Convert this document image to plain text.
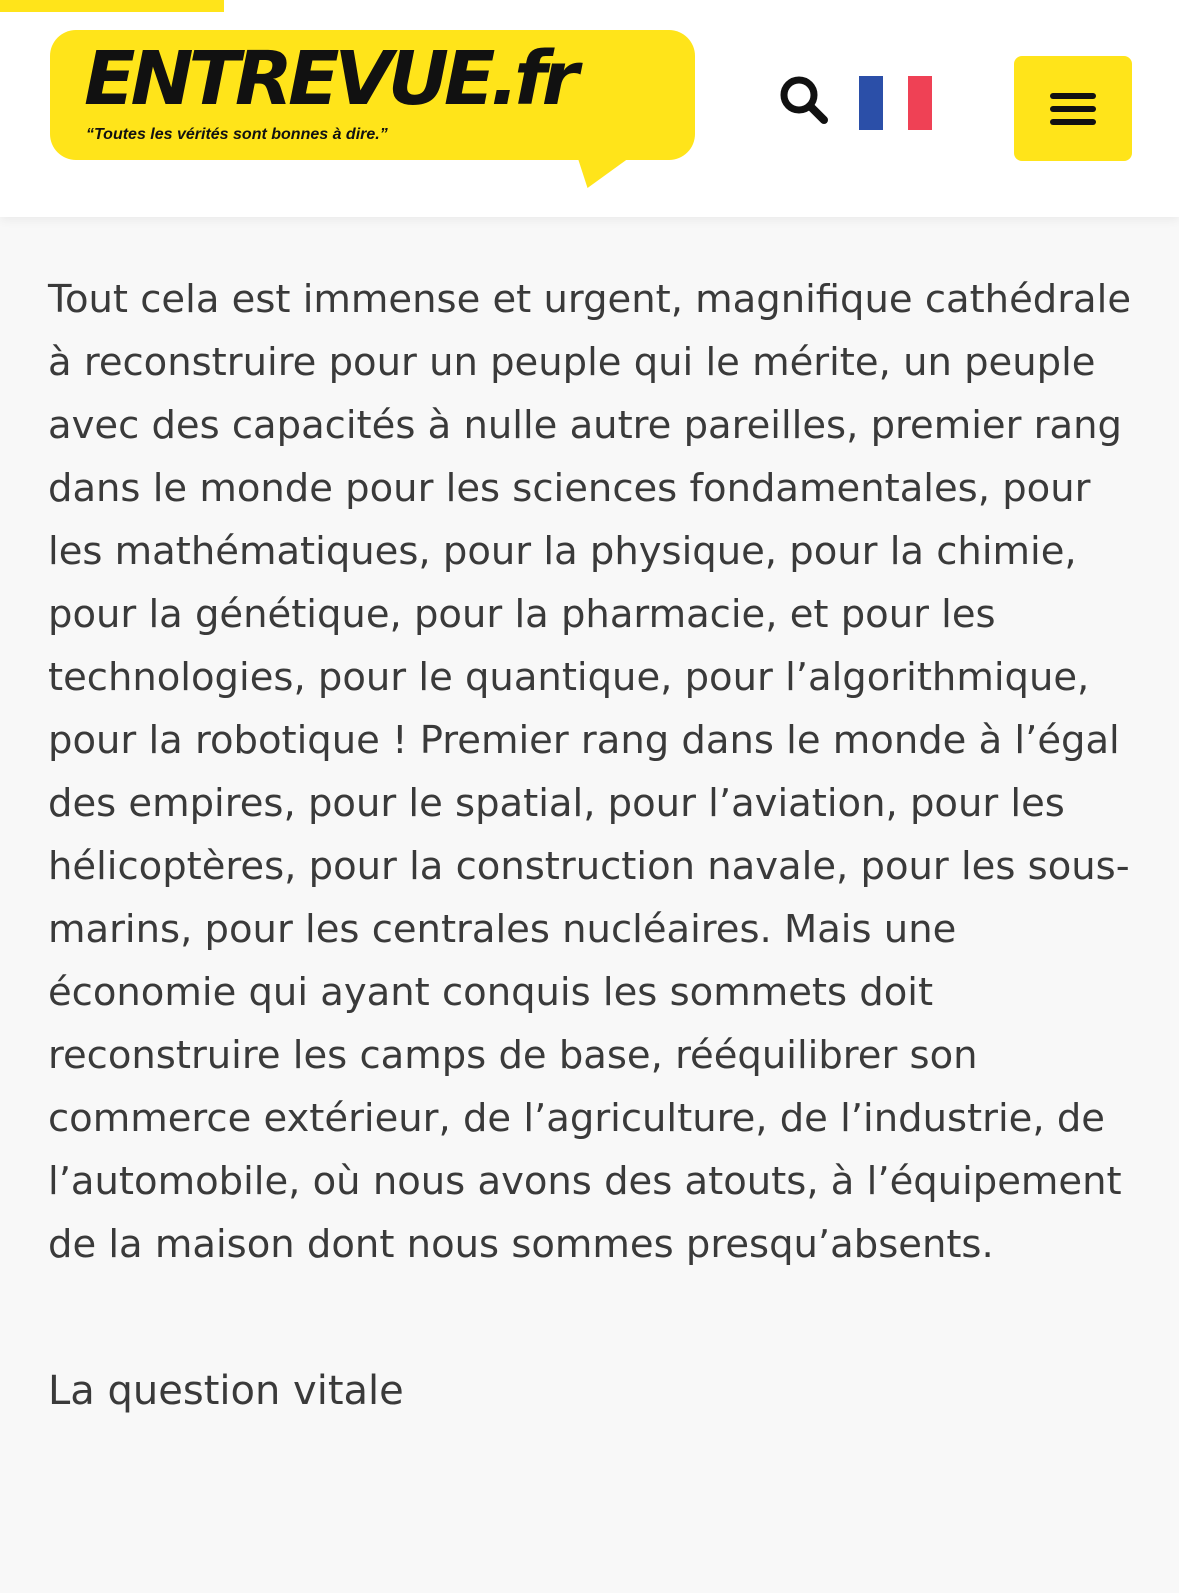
ENTREVUE.fr
“Toutes les vérités sont bonnes à dire.”

Tout cela est immense et urgent, magnifique cathédrale à reconstruire pour un peuple qui le mérite, un peuple avec des capacités à nulle autre pareilles, premier rang dans le monde pour les sciences fondamentales, pour les mathématiques, pour la physique, pour la chimie, pour la génétique, pour la pharmacie, et pour les technologies, pour le quantique, pour l’algorithmique, pour la robotique ! Premier rang dans le monde à l’égal des empires, pour le spatial, pour l’aviation, pour les hélicoptères, pour la construction navale, pour les sous-marins, pour les centrales nucléaires. Mais une économie qui ayant conquis les sommets doit reconstruire les camps de base, rééquilibrer son commerce extérieur, de l’agriculture, de l’industrie, de l’automobile, où nous avons des atouts, à l’équipement de la maison dont nous sommes presqu’absents.

La question vitale
